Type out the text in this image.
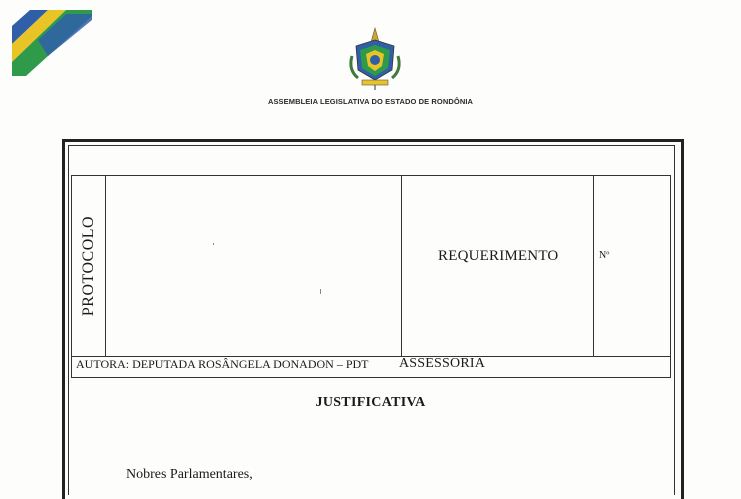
ASSEMBLEIA LEGISLATIVA DO ESTADO DE RONDÔNIA
PROTOCOLO	REQUERIMENTO	Nº
AUTORA: DEPUTADA ROSÂNGELA DONADON – PDT ASSESSORIA
JUSTIFICATIVA
Nobres Parlamentares,
